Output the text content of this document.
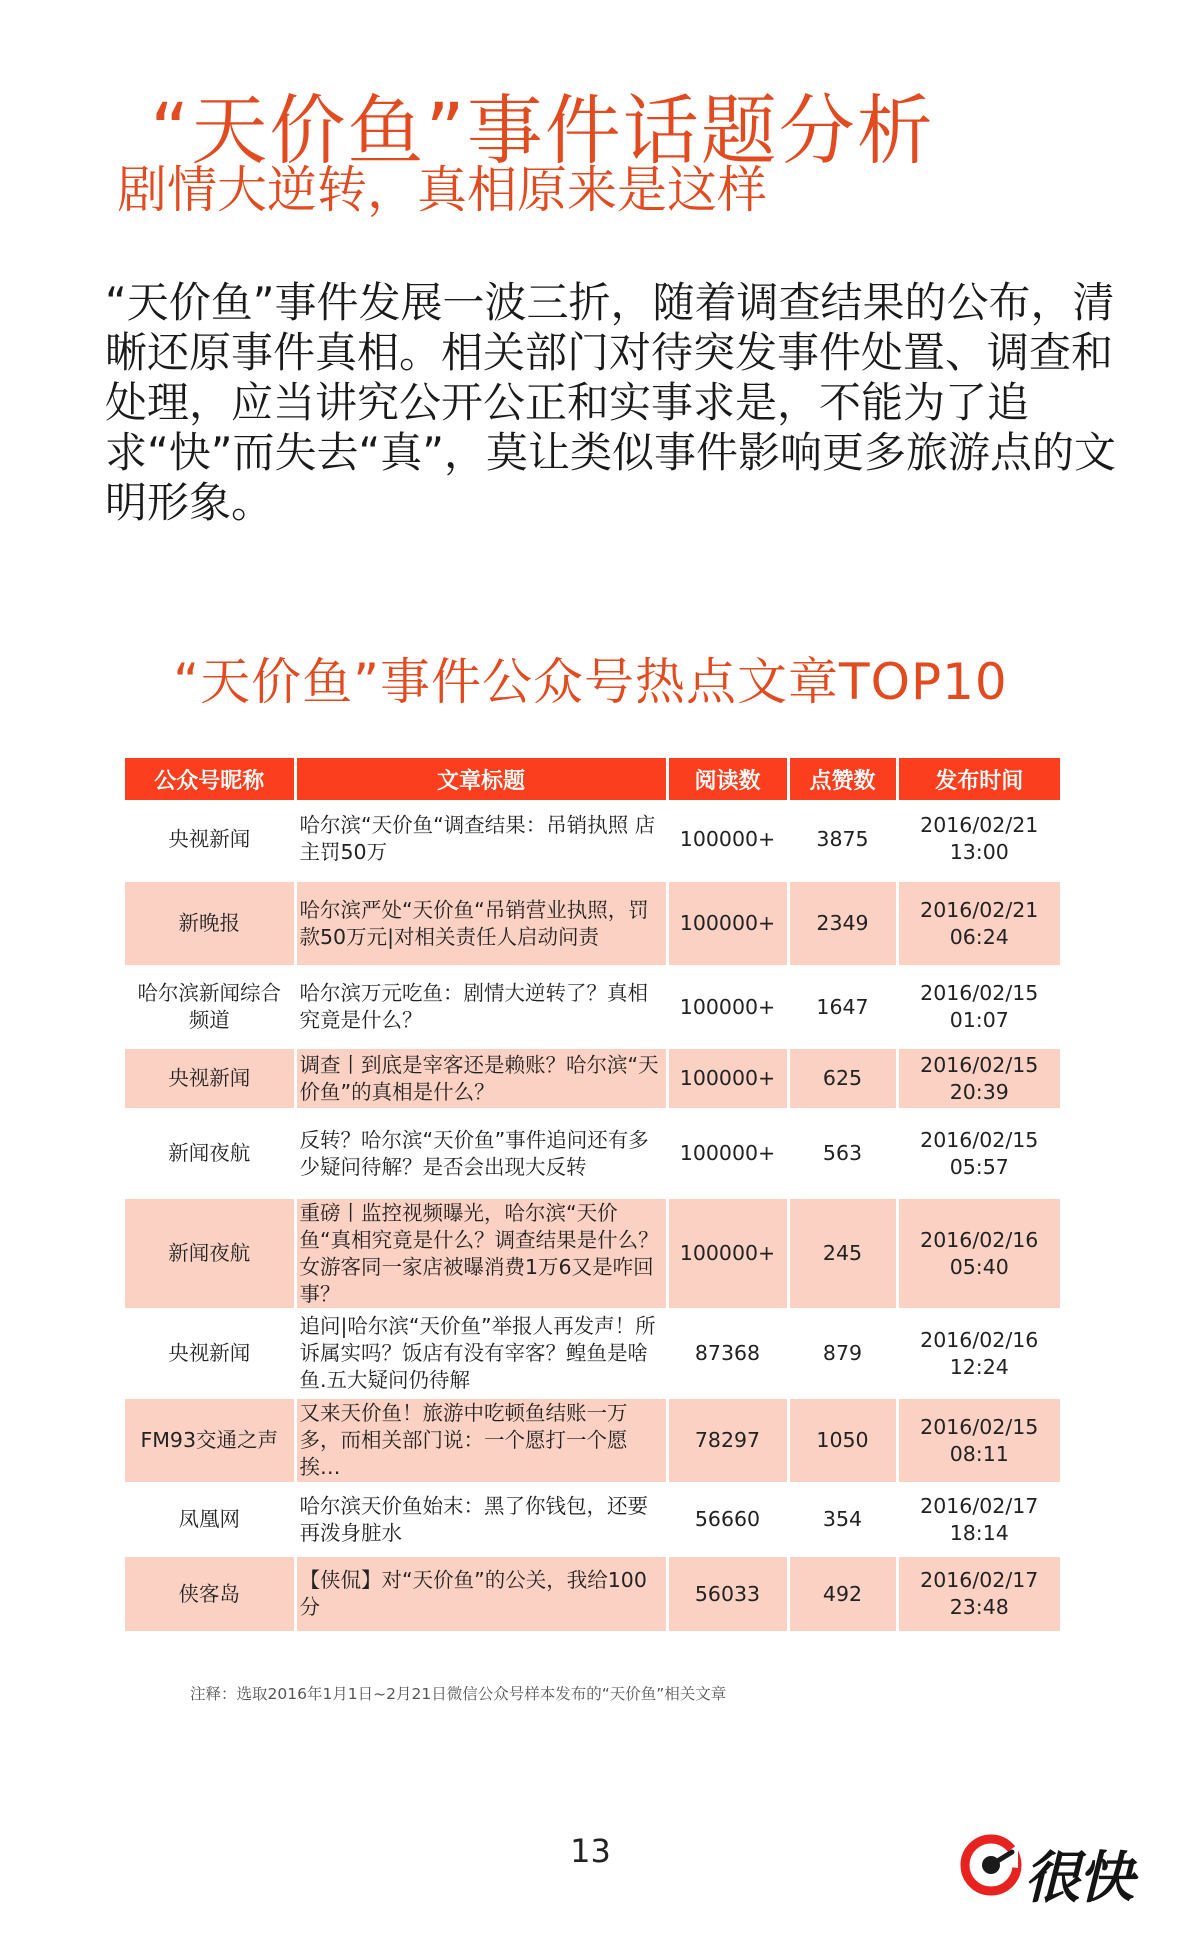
“天价鱼”事件话题分析
剧情大逆转，真相原来是这样

“天价鱼”事件发展一波三折，随着调查结果的公布，清晰还原事件真相。相关部门对待突发事件处置、调查和处理，应当讲究公开公正和实事求是，不能为了追求“快”而失去“真”，莫让类似事件影响更多旅游点的文明形象。

“天价鱼”事件公众号热点文章TOP10
公众号昵称	文章标题	阅读数	点赞数	发布时间
央视新闻	哈尔滨“天价鱼“调查结果：吊销执照 店主罚50万	100000+	3875	2016/02/21 13:00
新晚报	哈尔滨严处“天价鱼“吊销营业执照，罚款50万元|对相关责任人启动问责	100000+	2349	2016/02/21 06:24
哈尔滨新闻综合频道	哈尔滨万元吃鱼：剧情大逆转了？真相究竟是什么？	100000+	1647	2016/02/15 01:07
央视新闻	调查丨到底是宰客还是赖账？哈尔滨“天价鱼”的真相是什么？	100000+	625	2016/02/15 20:39
新闻夜航	反转？哈尔滨“天价鱼”事件追问还有多少疑问待解？是否会出现大反转	100000+	563	2016/02/15 05:57
新闻夜航	重磅丨监控视频曝光，哈尔滨“天价鱼“真相究竟是什么？调查结果是什么？女游客同一家店被曝消费1万6又是咋回事？	100000+	245	2016/02/16 05:40
央视新闻	追问|哈尔滨“天价鱼”举报人再发声！所诉属实吗？饭店有没有宰客？鳇鱼是啥鱼.五大疑问仍待解	87368	879	2016/02/16 12:24
FM93交通之声	又来天价鱼！旅游中吃顿鱼结账一万多，而相关部门说：一个愿打一个愿挨…	78297	1050	2016/02/15 08:11
凤凰网	哈尔滨天价鱼始末：黑了你钱包，还要再泼身脏水	56660	354	2016/02/17 18:14
侠客岛	【侠侃】对“天价鱼”的公关，我给100分	56033	492	2016/02/17 23:48

注释：选取2016年1月1日~2月21日微信公众号样本发布的“天价鱼”相关文章

13	很快
